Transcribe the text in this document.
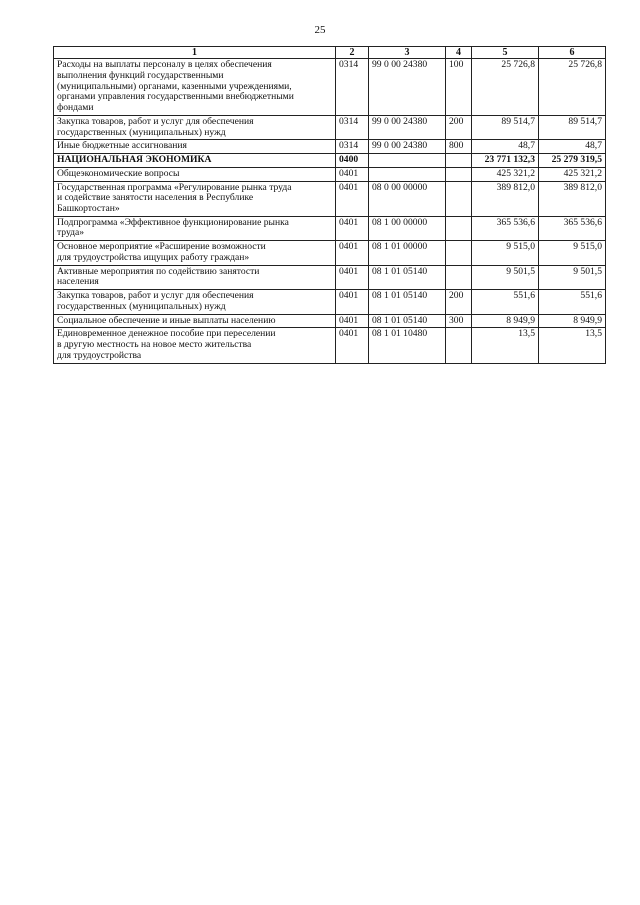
25
1	2	3	4	5	6
Расходы на выплаты персоналу в целях обеспечения
выполнения функций государственными
(муниципальными) органами, казенными учреждениями,
органами управления государственными внебюджетными
фондами	0314	99 0 00 24380	100	25 726,8	25 726,8
Закупка товаров, работ и услуг для обеспечения
государственных (муниципальных) нужд	0314	99 0 00 24380	200	89 514,7	89 514,7
Иные бюджетные ассигнования	0314	99 0 00 24380	800	48,7	48,7
НАЦИОНАЛЬНАЯ ЭКОНОМИКА	0400			23 771 132,3	25 279 319,5
Общеэкономические вопросы	0401			425 321,2	425 321,2
Государственная программа «Регулирование рынка труда
и содействие занятости населения в Республике
Башкортостан»	0401	08 0 00 00000		389 812,0	389 812,0
Подпрограмма «Эффективное функционирование рынка
труда»	0401	08 1 00 00000		365 536,6	365 536,6
Основное мероприятие «Расширение возможности
для трудоустройства ищущих работу граждан»	0401	08 1 01 00000		9 515,0	9 515,0
Активные мероприятия по содействию занятости
населения	0401	08 1 01 05140		9 501,5	9 501,5
Закупка товаров, работ и услуг для обеспечения
государственных (муниципальных) нужд	0401	08 1 01 05140	200	551,6	551,6
Социальное обеспечение и иные выплаты населению	0401	08 1 01 05140	300	8 949,9	8 949,9
Единовременное денежное пособие при переселении
в другую местность на новое место жительства
для трудоустройства	0401	08 1 01 10480		13,5	13,5
